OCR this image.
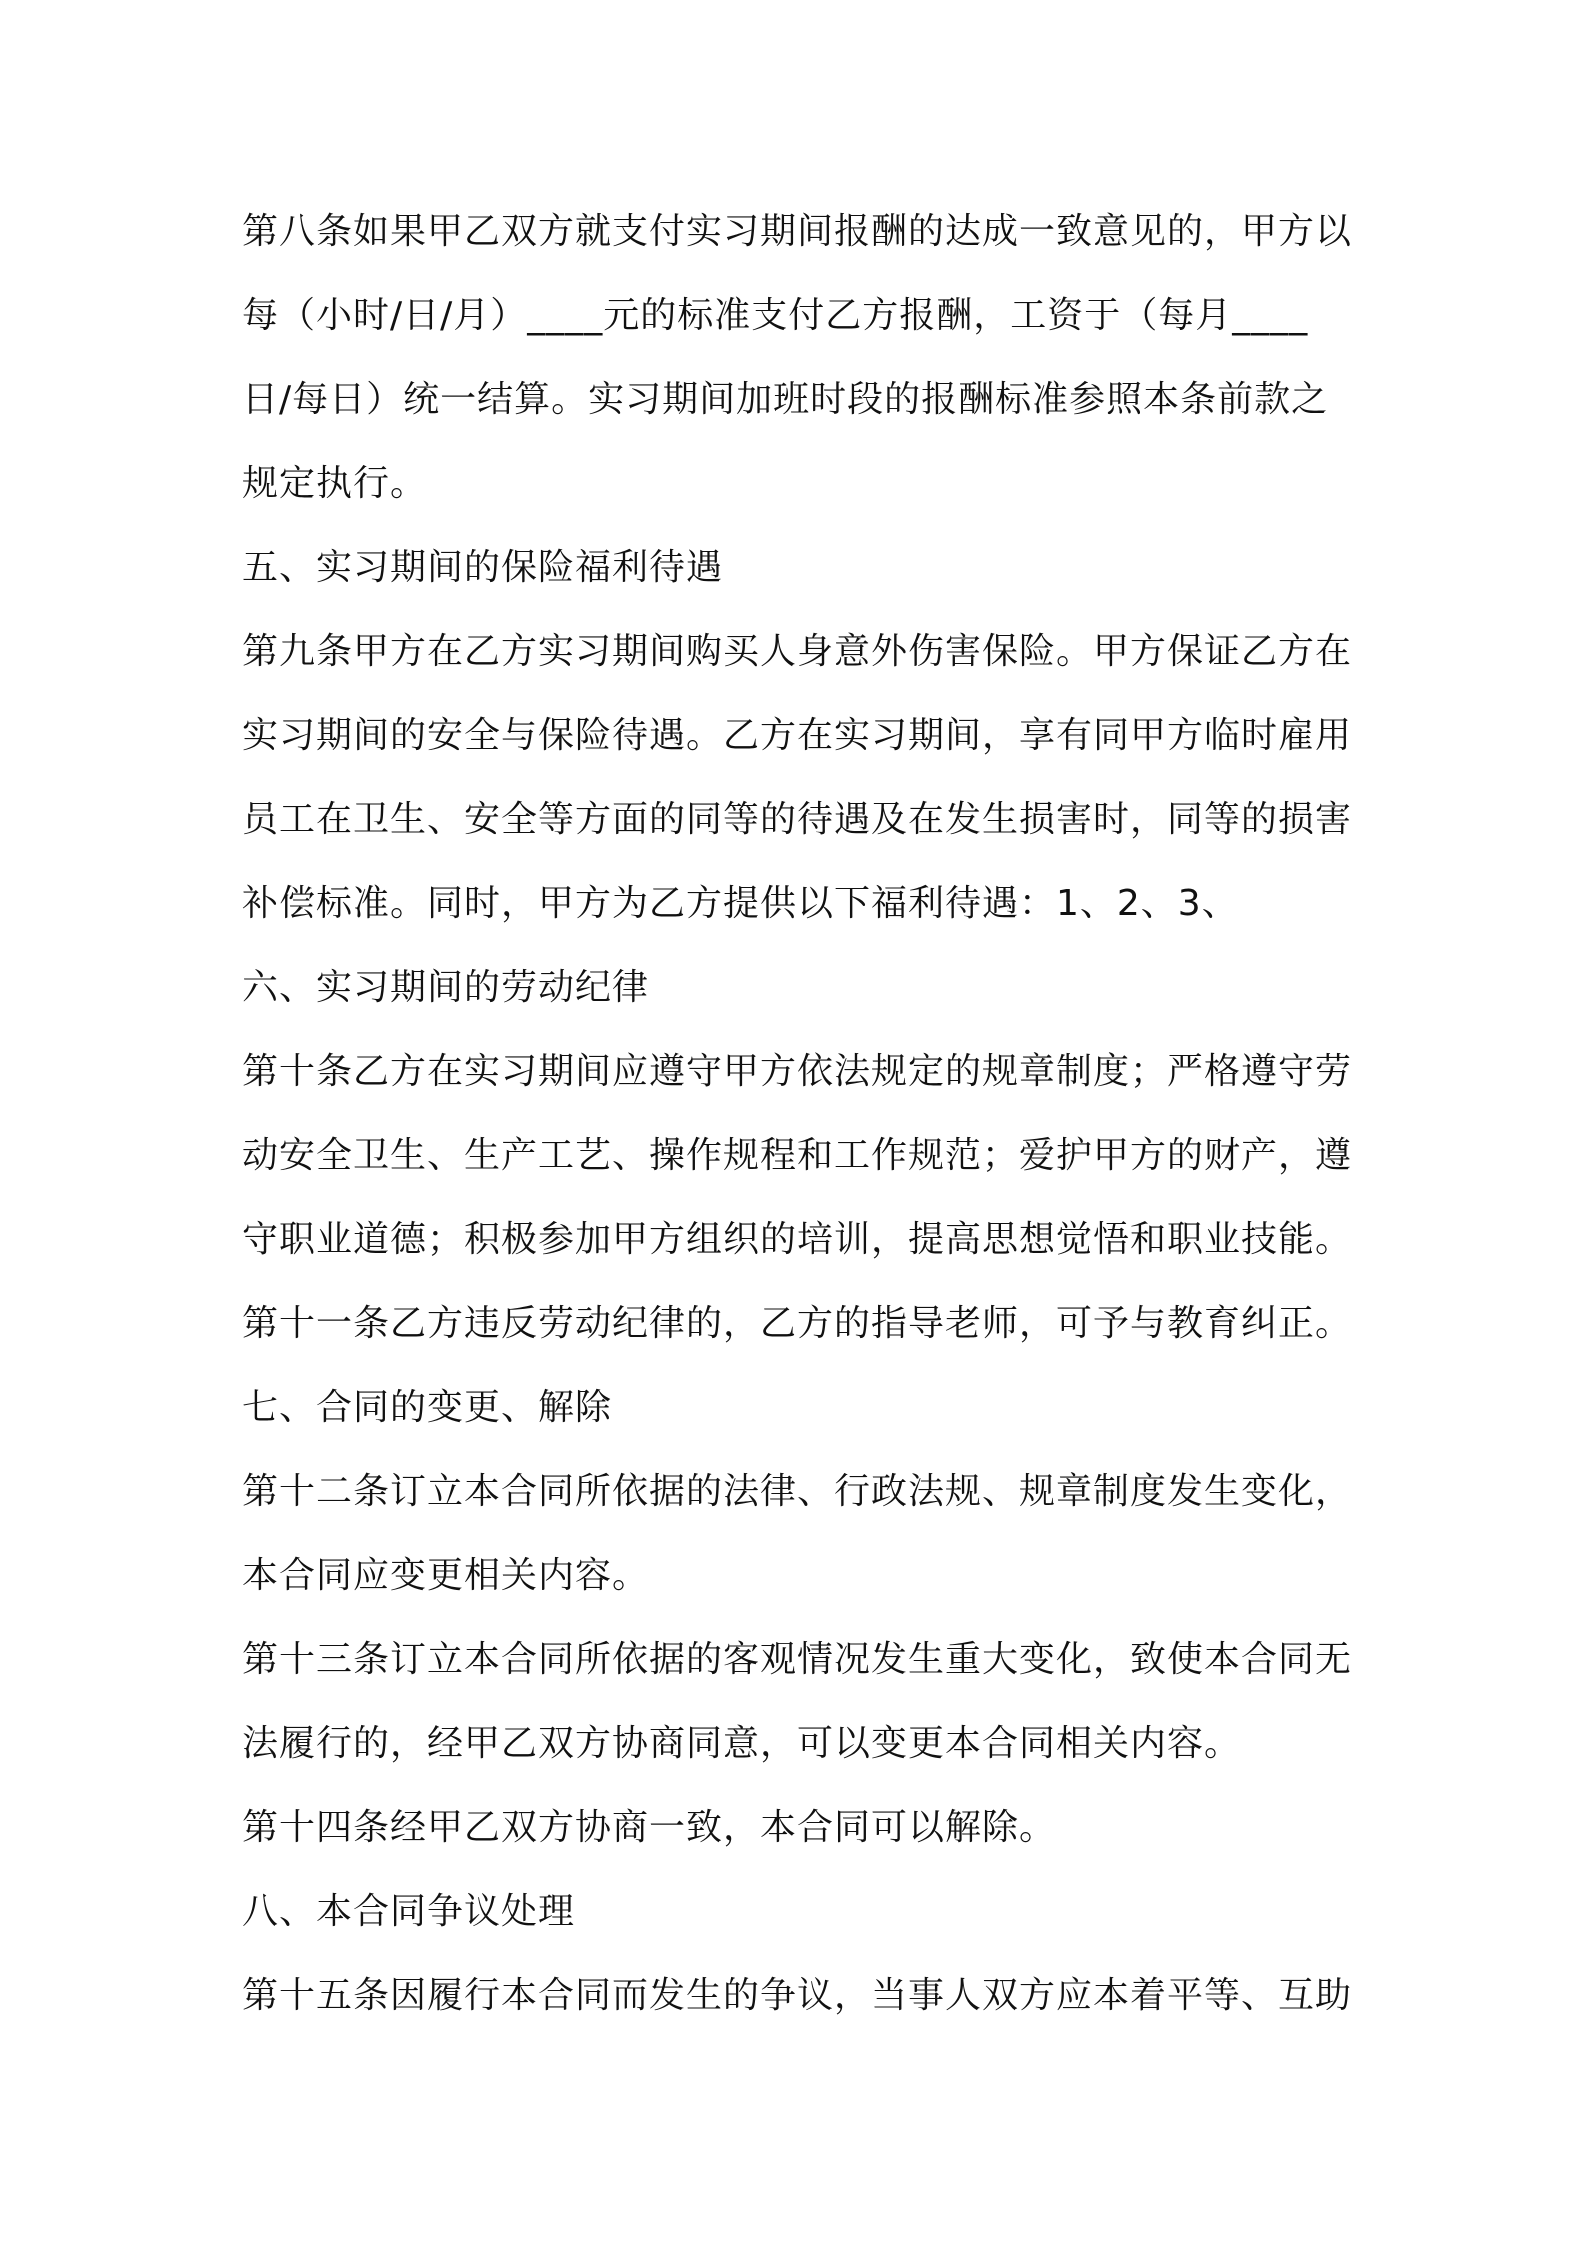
第八条如果甲乙双方就支付实习期间报酬的达成一致意见的，甲方以
每（小时/日/月）____元的标准支付乙方报酬，工资于（每月____
日/每日）统一结算。实习期间加班时段的报酬标准参照本条前款之
规定执行。
五、实习期间的保险福利待遇
第九条甲方在乙方实习期间购买人身意外伤害保险。甲方保证乙方在
实习期间的安全与保险待遇。乙方在实习期间，享有同甲方临时雇用
员工在卫生、安全等方面的同等的待遇及在发生损害时，同等的损害
补偿标准。同时，甲方为乙方提供以下福利待遇：1、2、3、
六、实习期间的劳动纪律
第十条乙方在实习期间应遵守甲方依法规定的规章制度；严格遵守劳
动安全卫生、生产工艺、操作规程和工作规范；爱护甲方的财产，遵
守职业道德；积极参加甲方组织的培训，提高思想觉悟和职业技能。
第十一条乙方违反劳动纪律的，乙方的指导老师，可予与教育纠正。
七、合同的变更、解除
第十二条订立本合同所依据的法律、行政法规、规章制度发生变化，
本合同应变更相关内容。
第十三条订立本合同所依据的客观情况发生重大变化，致使本合同无
法履行的，经甲乙双方协商同意，可以变更本合同相关内容。
第十四条经甲乙双方协商一致，本合同可以解除。
八、本合同争议处理
第十五条因履行本合同而发生的争议，当事人双方应本着平等、互助
